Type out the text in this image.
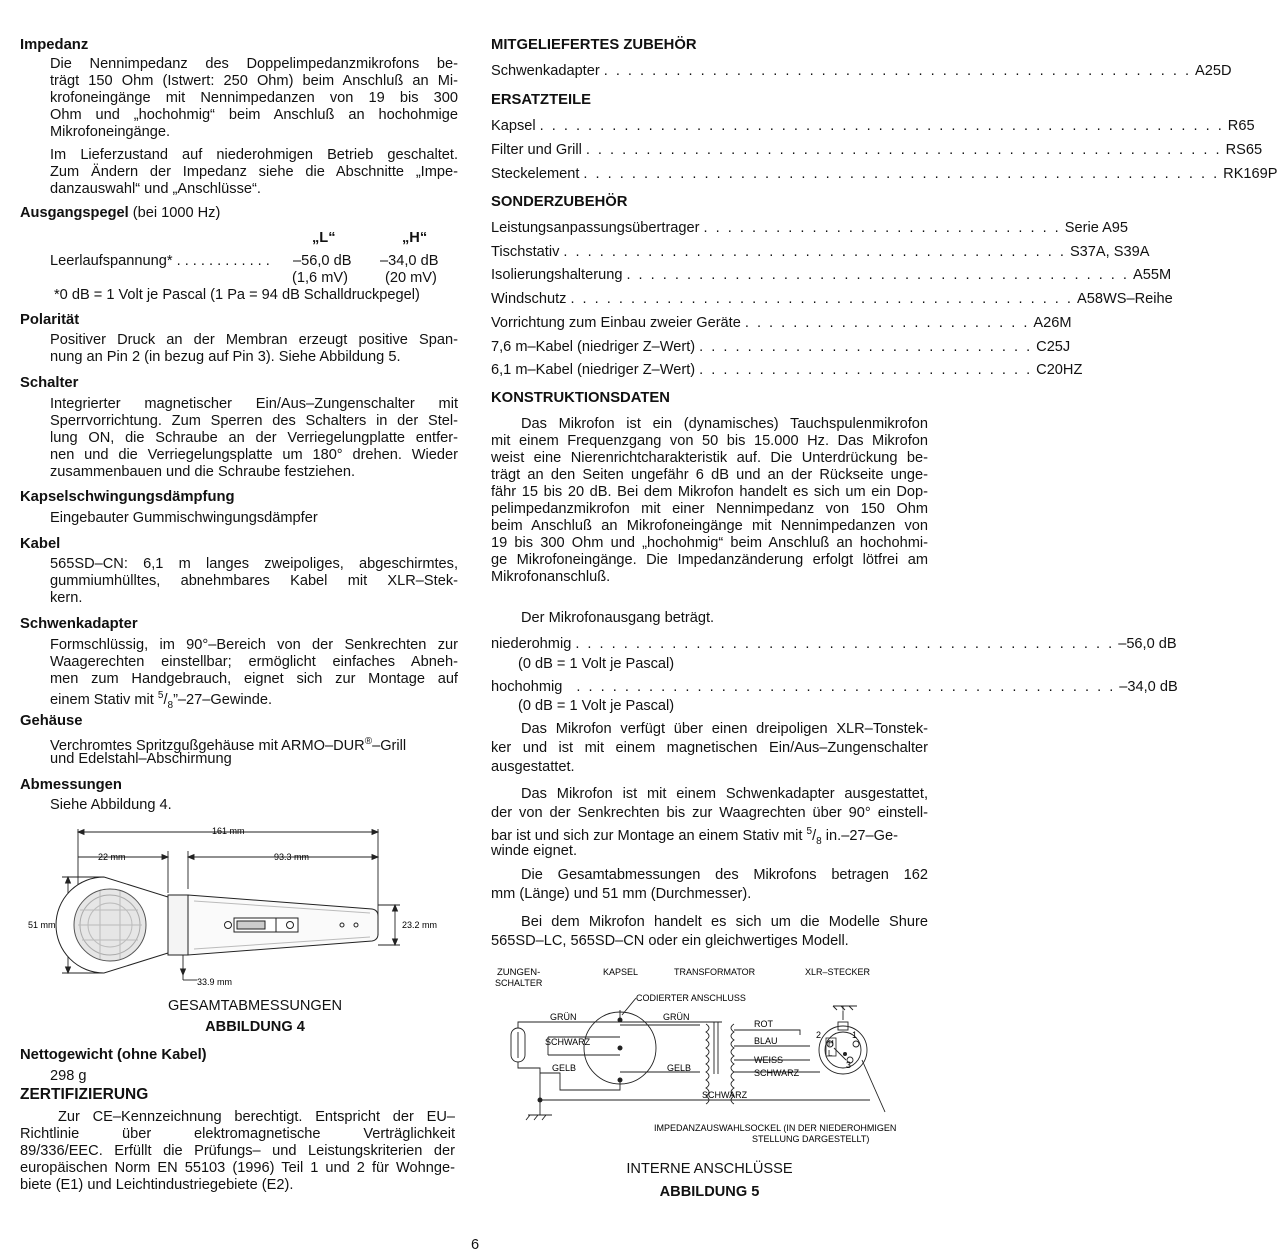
Impedanz
Die Nennimpedanz des Doppelimpedanzmikrofons be-
trägt 150 Ohm (Istwert: 250 Ohm) beim Anschluß an Mi-
krofoneingänge mit Nennimpedanzen von 19 bis 300
Ohm und „hochohmig“ beim Anschluß an hochohmige
Mikrofoneingänge.
Im Lieferzustand auf niederohmigen Betrieb geschaltet.
Zum Ändern der Impedanz siehe die Abschnitte „Impe-
danzauswahl“ und „Anschlüsse“.
Ausgangspegel (bei 1000 Hz)
„L“	„H“
Leerlaufspannung* . . . . . . . . . . . . –56,0 dB –34,0 dB
(1,6 mV)	(20 mV)
*0 dB = 1 Volt je Pascal (1 Pa = 94 dB Schalldruckpegel)
Polarität
Positiver Druck an der Membran erzeugt positive Span-
nung an Pin 2 (in bezug auf Pin 3). Siehe Abbildung 5.
Schalter
Integrierter magnetischer Ein/Aus–Zungenschalter mit
Sperrvorrichtung. Zum Sperren des Schalters in der Stel-
lung ON, die Schraube an der Verriegelungplatte entfer-
nen und die Verriegelungsplatte um 180° drehen. Wieder
zusammenbauen und die Schraube festziehen.
Kapselschwingungsdämpfung
Eingebauter Gummischwingungsdämpfer
Kabel
565SD–CN: 6,1 m langes zweipoliges, abgeschirmtes,
gummiumhülltes, abnehmbares Kabel mit XLR–Stek-
kern.
Schwenkadapter
Formschlüssig, im 90°–Bereich von der Senkrechten zur
Waagerechten einstellbar; ermöglicht einfaches Abneh-
men zum Handgebrauch, eignet sich zur Montage auf
einem Stativ mit $^5/_8”-27$–Gewinde.
Gehäuse
Verchromtes Spritzgußgehäuse mit ARMO–DUR®–Grill
und Edelstahl–Abschirmung
Abmessungen
Siehe Abbildung 4.
161 mm
22 mm	93.3 mm
51 mm	23.2 mm
33.9 mm
GESAMTABMESSUNGEN
ABBILDUNG 4
Nettogewicht (ohne Kabel)
298 g
ZERTIFIZIERUNG
Zur CE–Kennzeichnung berechtigt. Entspricht der EU–
Richtlinie über elektromagnetische Verträglichkeit
89/336/EEC. Erfüllt die Prüfungs– und Leistungskriterien der
europäischen Norm EN 55103 (1996) Teil 1 und 2 für Wohnge-
biete (E1) und Leichtindustriegebiete (E2).
MITGELIEFERTES ZUBEHÖR
Schwenkadapter . . . . . . . . . . . . . . . . . . . . . . . . . . . . . . . . . . . . . . . . . . . . . . . . . A25D
ERSATZTEILE
Kapsel . . . . . . . . . . . . . . . . . . . . . . . . . . . . . . . . . . . . . . . . . . . . . . . . . . . . . . . . . R65
Filter und Grill . . . . . . . . . . . . . . . . . . . . . . . . . . . . . . . . . . . . . . . . . . . . . . . . . . . . . RS65
Steckelement . . . . . . . . . . . . . . . . . . . . . . . . . . . . . . . . . . . . . . . . . . . . . . . . . . . . . RK169P
SONDERZUBEHÖR
Leistungsanpassungsübertrager . . . . . . . . . . . . . . . . . . . . . . . . . . . . . . Serie A95
Tischstativ . . . . . . . . . . . . . . . . . . . . . . . . . . . . . . . . . . . . . . . . . . S37A, S39A
Isolierungshalterung . . . . . . . . . . . . . . . . . . . . . . . . . . . . . . . . . . . . . . . . . . A55M
Windschutz . . . . . . . . . . . . . . . . . . . . . . . . . . . . . . . . . . . . . . . . . . A58WS–Reihe
Vorrichtung zum Einbau zweier Geräte . . . . . . . . . . . . . . . . . . . . . . . . A26M
7,6 m–Kabel (niedriger Z–Wert) . . . . . . . . . . . . . . . . . . . . . . . . . . . . C25J
6,1 m–Kabel (niedriger Z–Wert) . . . . . . . . . . . . . . . . . . . . . . . . . . . . C20HZ
KONSTRUKTIONSDATEN
Das Mikrofon ist ein (dynamisches) Tauchspulenmikrofon
mit einem Frequenzgang von 50 bis 15.000 Hz. Das Mikrofon
weist eine Nierenrichtcharakteristik auf. Die Unterdrückung be-
trägt an den Seiten ungefähr 6 dB und an der Rückseite unge-
fähr 15 bis 20 dB. Bei dem Mikrofon handelt es sich um ein Dop-
pelimpedanzmikrofon mit einer Nennimpedanz von 150 Ohm
beim Anschluß an Mikrofoneingänge mit Nennimpedanzen von
19 bis 300 Ohm und „hochohmig“ beim Anschluß an hochohmi-
ge Mikrofoneingänge. Die Impedanzänderung erfolgt lötfrei am
Mikrofonanschluß.
Der Mikrofonausgang beträgt.
niederohmig . . . . . . . . . . . . . . . . . . . . . . . . . . . . . . . . . . . . . . . . . . . . . –56,0 dB
(0 dB = 1 Volt je Pascal)
hochohmig . . . . . . . . . . . . . . . . . . . . . . . . . . . . . . . . . . . . . . . . . . . . . –34,0 dB
(0 dB = 1 Volt je Pascal)
Das Mikrofon verfügt über einen dreipoligen XLR–Tonstek-
ker und ist mit einem magnetischen Ein/Aus–Zungenschalter
ausgestattet.
Das Mikrofon ist mit einem Schwenkadapter ausgestattet,
der von der Senkrechten bis zur Waagrechten über 90° einstell-
bar ist und sich zur Montage an einem Stativ mit $^5/_8$ in.–27–Ge-
winde eignet.
Die Gesamtabmessungen des Mikrofons betragen 162
mm (Länge) und 51 mm (Durchmesser).
Bei dem Mikrofon handelt es sich um die Modelle Shure
565SD–LC, 565SD–CN oder ein gleichwertiges Modell.
ZUNGEN-
SCHALTER
KAPSEL	TRANSFORMATOR	XLR–STECKER
CODIERTER ANSCHLUSS
GRÜN	GRÜN
SCHWARZ
GELB	GELB
ROT
BLAU
WEISS
SCHWARZ
SCHWARZ
1
2
3
H
L
IMPEDANZAUSWAHLSOCKEL (IN DER NIEDEROHMIGEN
STELLUNG DARGESTELLT)
INTERNE ANSCHLÜSSE
ABBILDUNG 5
6
